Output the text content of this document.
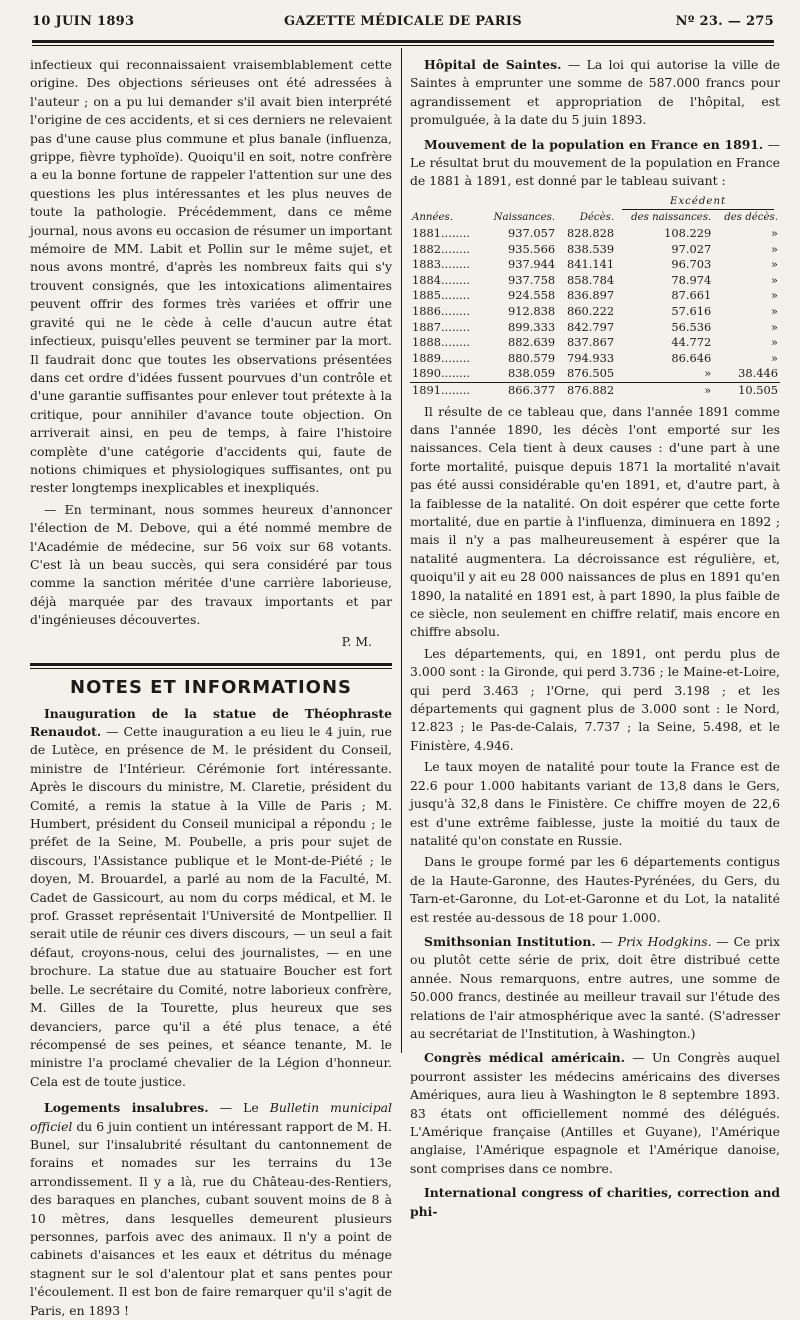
10 JUIN 1893	GAZETTE MÉDICALE DE PARIS	Nº 23. — 275

infectieux qui reconnaissaient vraisemblablement cette origine. Des objections sérieuses ont été adressées à l'auteur ; on a pu lui demander s'il avait bien interprété l'origine de ces accidents, et si ces derniers ne relevaient pas d'une cause plus commune et plus banale (influenza, grippe, fièvre typhoïde). Quoiqu'il en soit, notre confrère a eu la bonne fortune de rappeler l'attention sur une des questions les plus intéressantes et les plus neuves de toute la pathologie. Précédemment, dans ce même journal, nous avons eu occasion de résumer un important mémoire de MM. Labit et Pollin sur le même sujet, et nous avons montré, d'après les nombreux faits qui s'y trouvent consignés, que les intoxications alimentaires peuvent offrir des formes très variées et offrir une gravité qui ne le cède à celle d'aucun autre état infectieux, puisqu'elles peuvent se terminer par la mort. Il faudrait donc que toutes les observations présentées dans cet ordre d'idées fussent pourvues d'un contrôle et d'une garantie suffisantes pour enlever tout prétexte à la critique, pour annihiler d'avance toute objection. On arriverait ainsi, en peu de temps, à faire l'histoire complète d'une catégorie d'accidents qui, faute de notions chimiques et physiologiques suffisantes, ont pu rester longtemps inexplicables et inexpliqués.

— En terminant, nous sommes heureux d'annoncer l'élection de M. Debove, qui a été nommé membre de l'Académie de médecine, sur 56 voix sur 68 votants. C'est là un beau succès, qui sera considéré par tous comme la sanction méritée d'une carrière laborieuse, déjà marquée par des travaux importants et par d'ingénieuses découvertes.

P. M.
NOTES ET INFORMATIONS

Inauguration de la statue de Théophraste Renaudot. — Cette inauguration a eu lieu le 4 juin, rue de Lutèce, en présence de M. le président du Conseil, ministre de l'Intérieur. Cérémonie fort intéressante. Après le discours du ministre, M. Claretie, président du Comité, a remis la statue à la Ville de Paris ; M. Humbert, président du Conseil municipal a répondu ; le préfet de la Seine, M. Poubelle, a pris pour sujet de discours, l'Assistance publique et le Mont-de-Piété ; le doyen, M. Brouardel, a parlé au nom de la Faculté, M. Cadet de Gassicourt, au nom du corps médical, et M. le prof. Grasset représentait l'Université de Montpellier. Il serait utile de réunir ces divers discours, — un seul a fait défaut, croyons-nous, celui des journalistes, — en une brochure. La statue due au statuaire Boucher est fort belle. Le secrétaire du Comité, notre laborieux confrère, M. Gilles de la Tourette, plus heureux que ses devanciers, parce qu'il a été plus tenace, a été récompensé de ses peines, et séance tenante, M. le ministre l'a proclamé chevalier de la Légion d'honneur. Cela est de toute justice.

Logements insalubres. — Le Bulletin municipal officiel du 6 juin contient un intéressant rapport de M. H. Bunel, sur l'insalubrité résultant du cantonnement de forains et nomades sur les terrains du 13e arrondissement. Il y a là, rue du Château-des-Rentiers, des baraques en planches, cubant souvent moins de 8 à 10 mètres, dans lesquelles demeurent plusieurs personnes, parfois avec des animaux. Il n'y a point de cabinets d'aisances et les eaux et détritus du ménage stagnent sur le sol d'alentour plat et sans pentes pour l'écoulement. Il est bon de faire remarquer qu'il s'agit de Paris, en 1893 !

Hôpital de Saintes. — La loi qui autorise la ville de Saintes à emprunter une somme de 587.000 francs pour agrandissement et appropriation de l'hôpital, est promulguée, à la date du 5 juin 1893.

Mouvement de la population en France en 1891. — Le résultat brut du mouvement de la population en France de 1881 à 1891, est donné par le tableau suivant :

			Excédent	

Années.	Naissances.	Décès.	des naissances.	des décès.
1881........	937.057	828.828	108.229	»
1882........	935.566	838.539	97.027	»
1883........	937.944	841.141	96.703	»
1884........	937.758	858.784	78.974	»
1885........	924.558	836.897	87.661	»
1886........	912.838	860.222	57.616	»
1887........	899.333	842.797	56.536	»
1888........	882.639	837.867	44.772	»
1889........	880.579	794.933	86.646	»
1890........	838.059	876.505	»	38.446
1891........	866.377	876.882	»	10.505

Il résulte de ce tableau que, dans l'année 1891 comme dans l'année 1890, les décès l'ont emporté sur les naissances. Cela tient à deux causes : d'une part à une forte mortalité, puisque depuis 1871 la mortalité n'avait pas été aussi considérable qu'en 1891, et, d'autre part, à la faiblesse de la natalité. On doit espérer que cette forte mortalité, due en partie à l'influenza, diminuera en 1892 ; mais il n'y a pas malheureusement à espérer que la natalité augmentera. La décroissance est régulière, et, quoiqu'il y ait eu 28 000 naissances de plus en 1891 qu'en 1890, la natalité en 1891 est, à part 1890, la plus faible de ce siècle, non seulement en chiffre relatif, mais encore en chiffre absolu.

Les départements, qui, en 1891, ont perdu plus de 3.000 sont : la Gironde, qui perd 3.736 ; le Maine-et-Loire, qui perd 3.463 ; l'Orne, qui perd 3.198 ; et les départements qui gagnent plus de 3.000 sont : le Nord, 12.823 ; le Pas-de-Calais, 7.737 ; la Seine, 5.498, et le Finistère, 4.946.

Le taux moyen de natalité pour toute la France est de 22.6 pour 1.000 habitants variant de 13,8 dans le Gers, jusqu'à 32,8 dans le Finistère. Ce chiffre moyen de 22,6 est d'une extrême faiblesse, juste la moitié du taux de natalité qu'on constate en Russie.

Dans le groupe formé par les 6 départements contigus de la Haute-Garonne, des Hautes-Pyrénées, du Gers, du Tarn-et-Garonne, du Lot-et-Garonne et du Lot, la natalité est restée au-dessous de 18 pour 1.000.

Smithsonian Institution. — Prix Hodgkins. — Ce prix ou plutôt cette série de prix, doit être distribué cette année. Nous remarquons, entre autres, une somme de 50.000 francs, destinée au meilleur travail sur l'étude des relations de l'air atmosphérique avec la santé. (S'adresser au secrétariat de l'Institution, à Washington.)

Congrès médical américain. — Un Congrès auquel pourront assister les médecins américains des diverses Amériques, aura lieu à Washington le 8 septembre 1893. 83 états ont officiellement nommé des délégués. L'Amérique française (Antilles et Guyane), l'Amérique anglaise, l'Amérique espagnole et l'Amérique danoise, sont comprises dans ce nombre.

International congress of charities, correction and phi-
